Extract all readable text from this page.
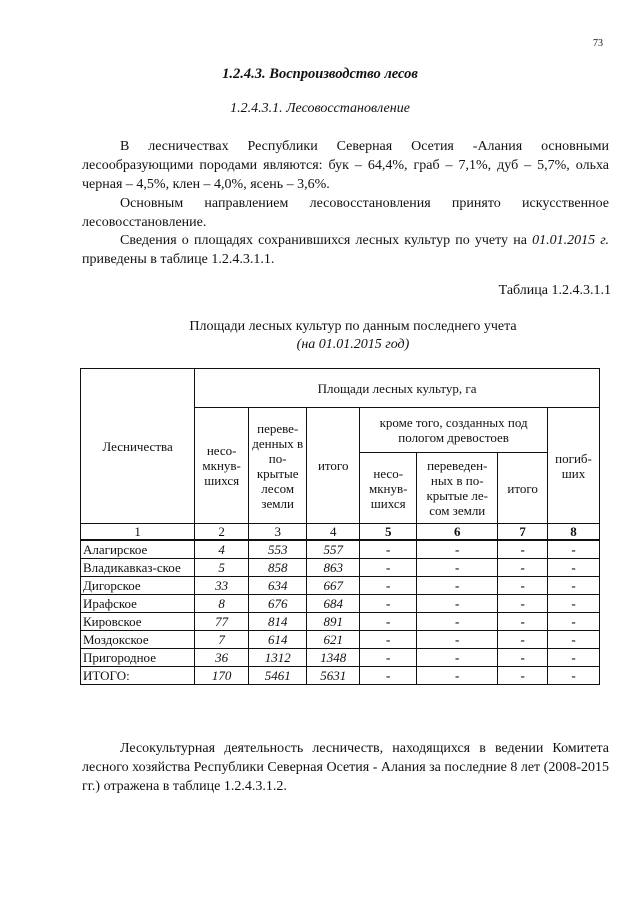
73
1.2.4.3. Воспроизводство лесов
1.2.4.3.1. Лесовосстановление

В лесничествах Республики Северная Осетия -Алания основными лесообразующими породами являются: бук – 64,4%, граб – 7,1%, дуб – 5,7%, ольха черная – 4,5%, клен – 4,0%, ясень – 3,6%.

Основным направлением лесовосстановления принято искусственное лесовосстановление.

Сведения о площадях сохранившихся лесных культур по учету на 01.01.2015 г. приведены в таблице 1.2.4.3.1.1.

Таблица 1.2.4.3.1.1
Площади лесных культур по данным последнего учета
(на 01.01.2015 год)
Лесничества	Площади лесных культур, га						
	несо-мкнув-шихся	переве-денных в по-крытые лесом земли	итого	кроме того, созданных под пологом древостоев			погиб-ших
				несо-мкнув-шихся	переведен-ных в по-крытые ле-сом земли	итого	
1	2	3	4	5	6	7	8
Алагирское	4	553	557	-	-	-	-
Владикавказ-ское	5	858	863	-	-	-	-
Дигорское	33	634	667	-	-	-	-
Ирафское	8	676	684	-	-	-	-
Кировское	77	814	891	-	-	-	-
Моздокское	7	614	621	-	-	-	-
Пригородное	36	1312	1348	-	-	-	-
ИТОГО:	170	5461	5631	-	-	-	-

Лесокультурная деятельность лесничеств, находящихся в ведении Комитета лесного хозяйства Республики Северная Осетия - Алания за последние 8 лет (2008-2015 гг.) отражена в таблице 1.2.4.3.1.2.
